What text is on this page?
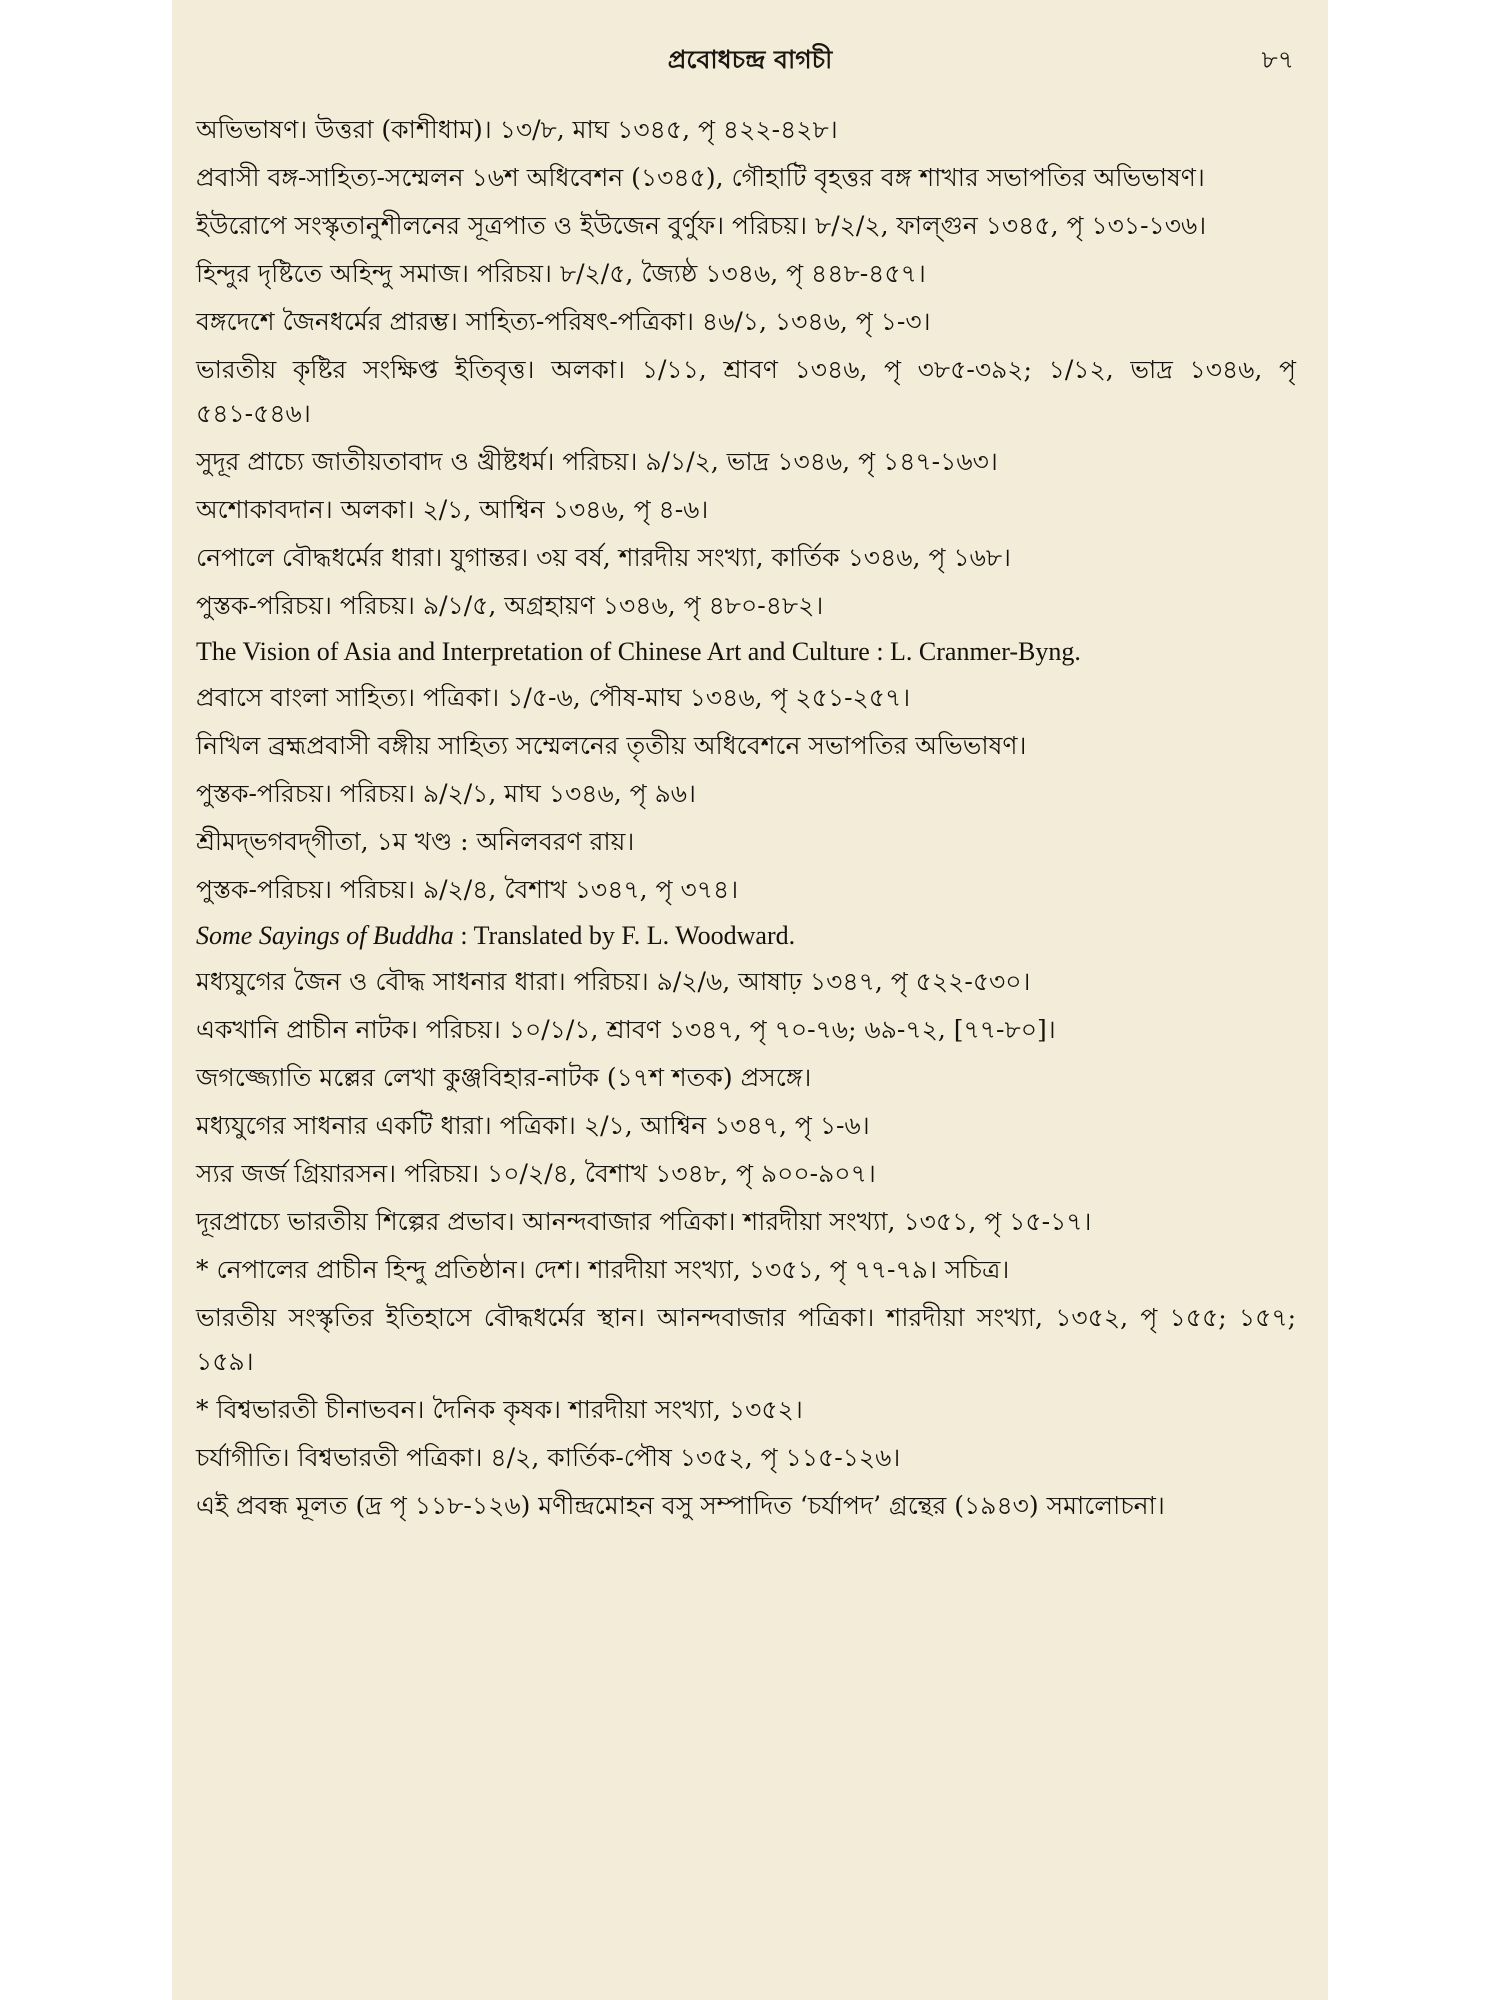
প্রবোধচন্দ্র বাগচী	৮৭

অভিভাষণ। উত্তরা (কাশীধাম)। ১৩/৮, মাঘ ১৩৪৫, পৃ ৪২২-৪২৮।

প্রবাসী বঙ্গ-সাহিত্য-সম্মেলন ১৬শ অধিবেশন (১৩৪৫), গৌহাটি বৃহত্তর বঙ্গ শাখার সভাপতির অভিভাষণ।

ইউরোপে সংস্কৃতানুশীলনের সূত্রপাত ও ইউজেন বুর্ণুফ। পরিচয়। ৮/২/২, ফাল্গুন ১৩৪৫, পৃ ১৩১-১৩৬।

হিন্দুর দৃষ্টিতে অহিন্দু সমাজ। পরিচয়। ৮/২/৫, জ্যৈষ্ঠ ১৩৪৬, পৃ ৪৪৮-৪৫৭।

বঙ্গদেশে জৈনধর্মের প্রারম্ভ। সাহিত্য-পরিষৎ-পত্রিকা। ৪৬/১, ১৩৪৬, পৃ ১-৩।

ভারতীয় কৃষ্টির সংক্ষিপ্ত ইতিবৃত্ত। অলকা। ১/১১, শ্রাবণ ১৩৪৬, পৃ ৩৮৫-৩৯২; ১/১২, ভাদ্র ১৩৪৬, পৃ ৫৪১-৫৪৬।

সুদূর প্রাচ্যে জাতীয়তাবাদ ও খ্রীষ্টধর্ম। পরিচয়। ৯/১/২, ভাদ্র ১৩৪৬, পৃ ১৪৭-১৬৩।

অশোকাবদান। অলকা। ২/১, আশ্বিন ১৩৪৬, পৃ ৪-৬।

নেপালে বৌদ্ধধর্মের ধারা। যুগান্তর। ৩য় বর্ষ, শারদীয় সংখ্যা, কার্তিক ১৩৪৬, পৃ ১৬৮।

পুস্তক-পরিচয়। পরিচয়। ৯/১/৫, অগ্রহায়ণ ১৩৪৬, পৃ ৪৮০-৪৮২।

The Vision of Asia and Interpretation of Chinese Art and Culture : L. Cranmer-Byng.

প্রবাসে বাংলা সাহিত্য। পত্রিকা। ১/৫-৬, পৌষ-মাঘ ১৩৪৬, পৃ ২৫১-২৫৭।

নিখিল ব্রহ্মপ্রবাসী বঙ্গীয় সাহিত্য সম্মেলনের তৃতীয় অধিবেশনে সভাপতির অভিভাষণ।

পুস্তক-পরিচয়। পরিচয়। ৯/২/১, মাঘ ১৩৪৬, পৃ ৯৬।

শ্রীমদ্‌ভগবদ্‌গীতা, ১ম খণ্ড : অনিলবরণ রায়।

পুস্তক-পরিচয়। পরিচয়। ৯/২/৪, বৈশাখ ১৩৪৭, পৃ ৩৭৪।

Some Sayings of Buddha : Translated by F. L. Woodward.

মধ্যযুগের জৈন ও বৌদ্ধ সাধনার ধারা। পরিচয়। ৯/২/৬, আষাঢ় ১৩৪৭, পৃ ৫২২-৫৩০।

একখানি প্রাচীন নাটক। পরিচয়। ১০/১/১, শ্রাবণ ১৩৪৭, পৃ ৭০-৭৬; ৬৯-৭২, [৭৭-৮০]।

জগজ্জ্যোতি মল্লের লেখা কুঞ্জবিহার-নাটক (১৭শ শতক) প্রসঙ্গে।

মধ্যযুগের সাধনার একটি ধারা। পত্রিকা। ২/১, আশ্বিন ১৩৪৭, পৃ ১-৬।

স্যর জর্জ গ্রিয়ারসন। পরিচয়। ১০/২/৪, বৈশাখ ১৩৪৮, পৃ ৯০০-৯০৭।

দূরপ্রাচ্যে ভারতীয় শিল্পের প্রভাব। আনন্দবাজার পত্রিকা। শারদীয়া সংখ্যা, ১৩৫১, পৃ ১৫-১৭।

* নেপালের প্রাচীন হিন্দু প্রতিষ্ঠান। দেশ। শারদীয়া সংখ্যা, ১৩৫১, পৃ ৭৭-৭৯। সচিত্র।

ভারতীয় সংস্কৃতির ইতিহাসে বৌদ্ধধর্মের স্থান। আনন্দবাজার পত্রিকা। শারদীয়া সংখ্যা, ১৩৫২, পৃ ১৫৫; ১৫৭; ১৫৯।

* বিশ্বভারতী চীনাভবন। দৈনিক কৃষক। শারদীয়া সংখ্যা, ১৩৫২।

চর্যাগীতি। বিশ্বভারতী পত্রিকা। ৪/২, কার্তিক-পৌষ ১৩৫২, পৃ ১১৫-১২৬।

এই প্রবন্ধ মূলত (দ্র পৃ ১১৮-১২৬) মণীন্দ্রমোহন বসু সম্পাদিত ‘চর্যাপদ’ গ্রন্থের (১৯৪৩) সমালোচনা।
